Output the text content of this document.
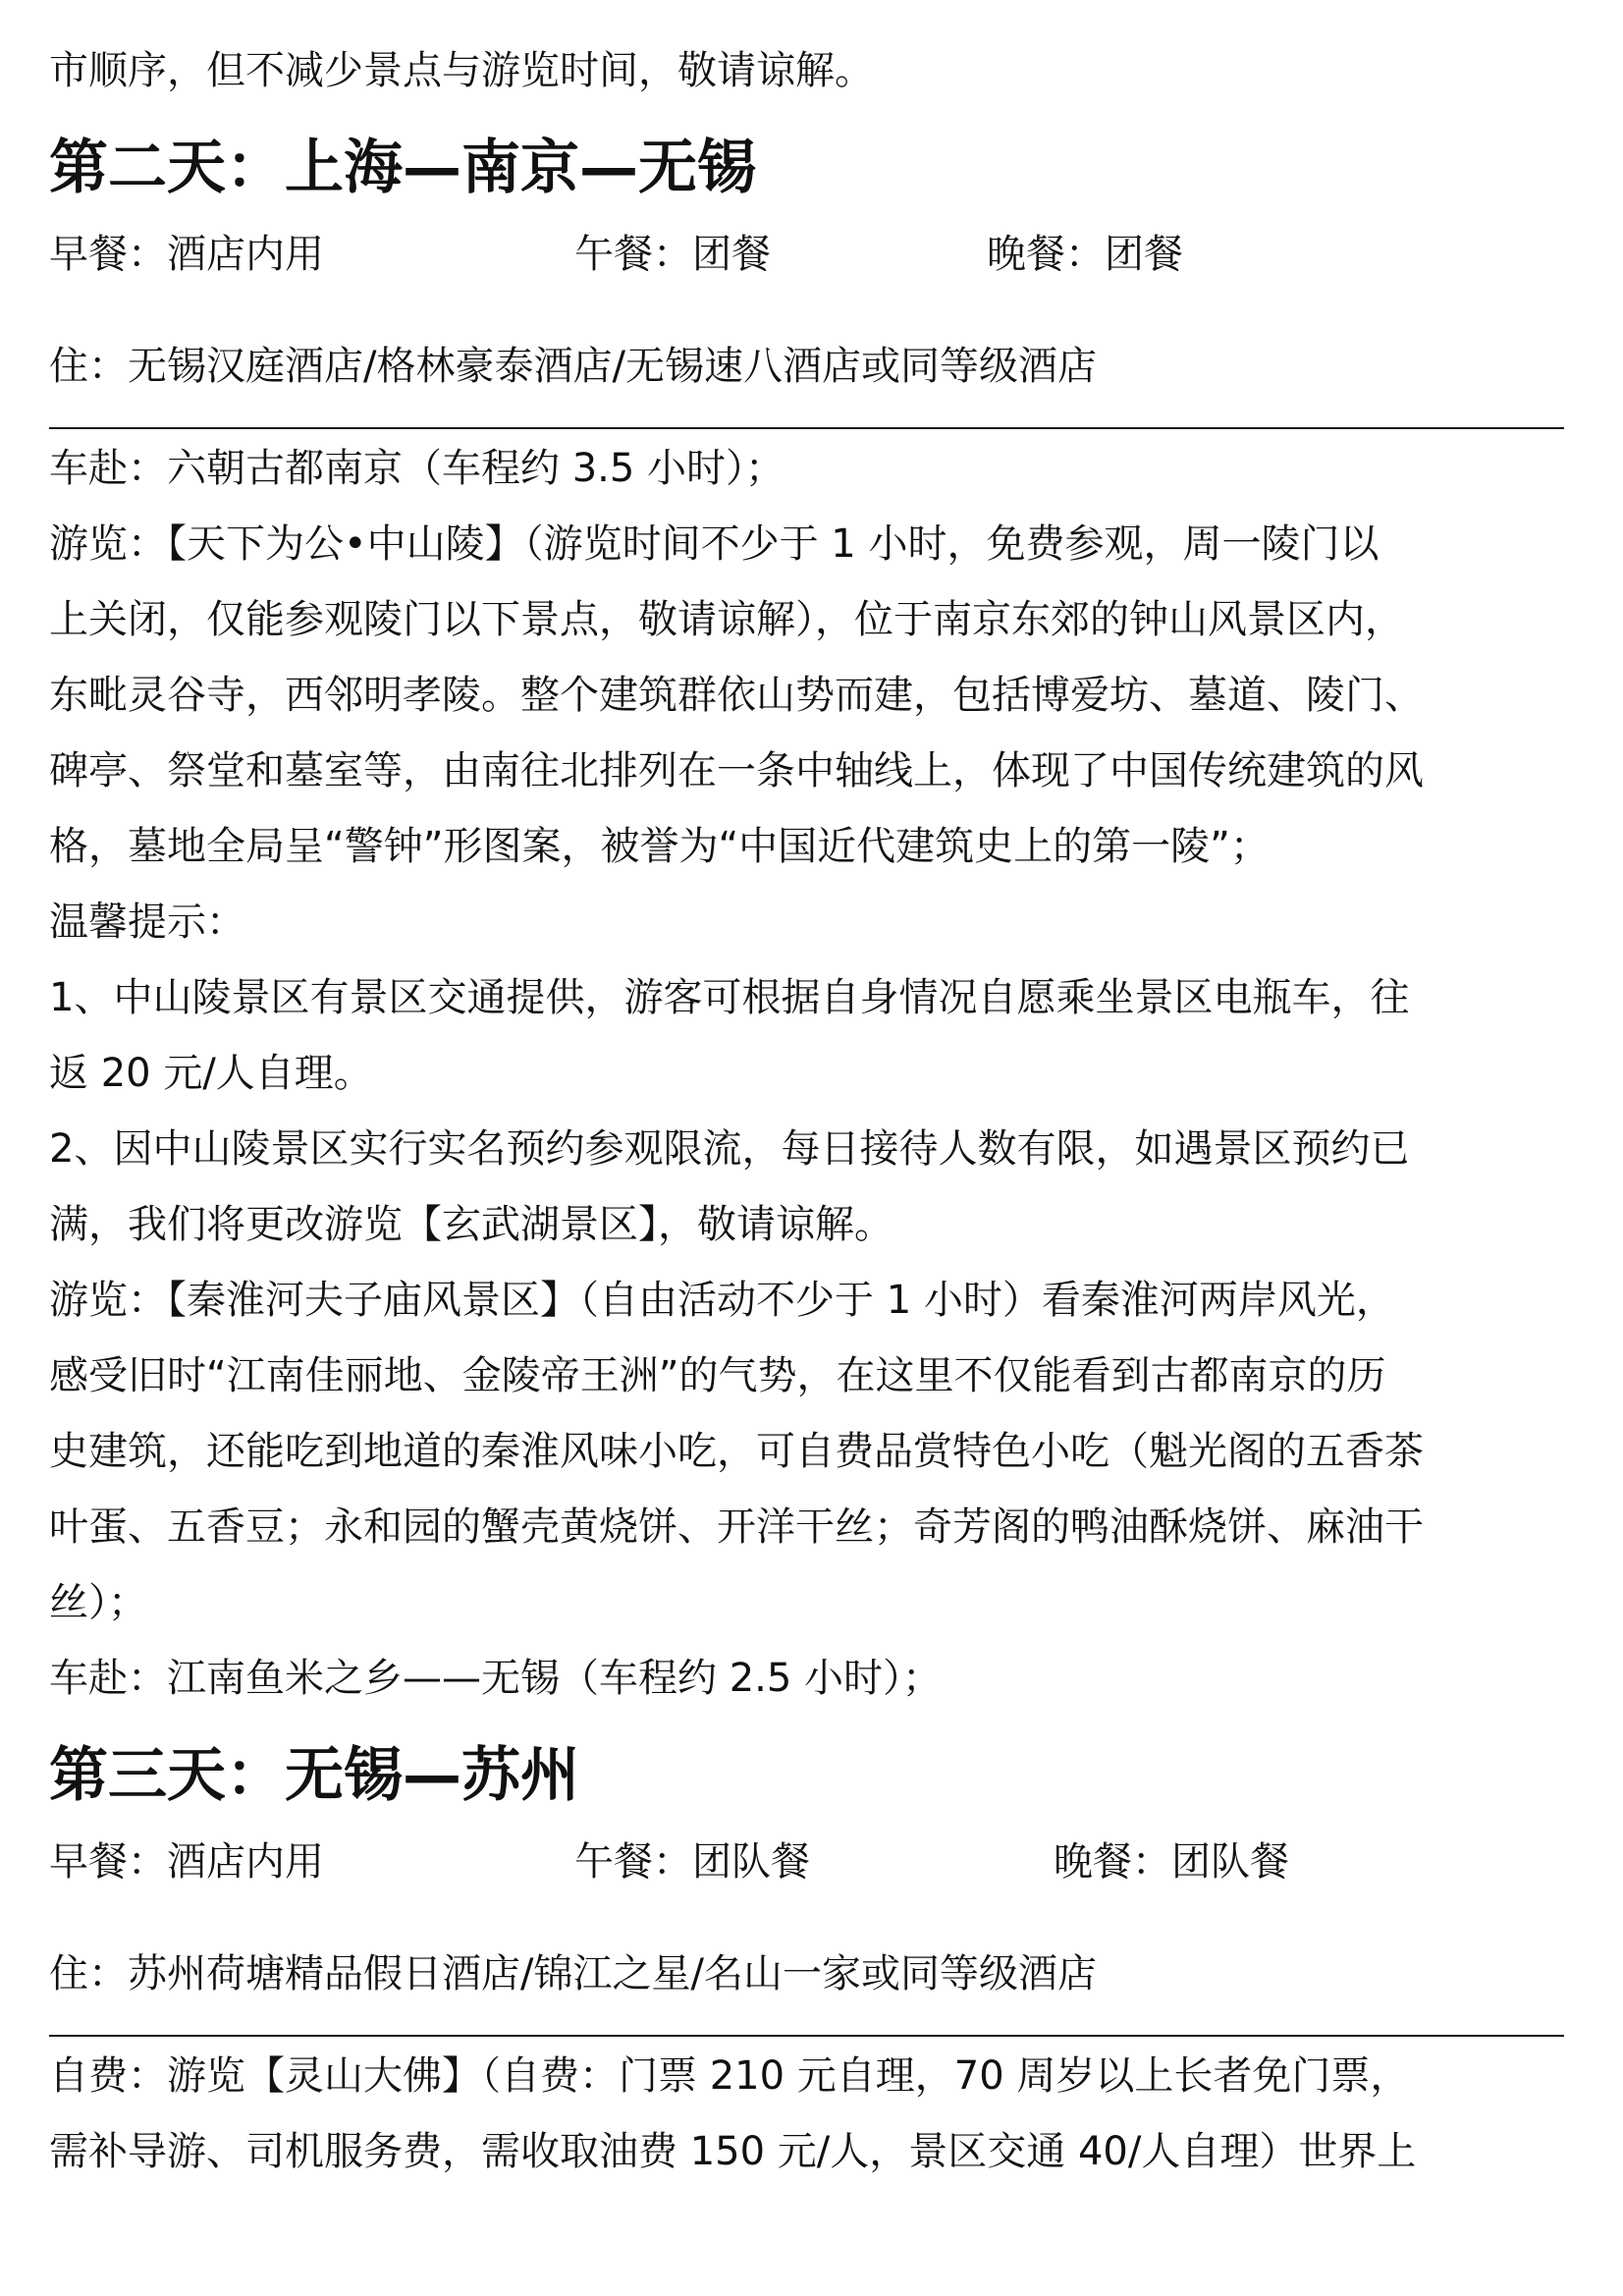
市顺序，但不减少景点与游览时间，敬请谅解。

第二天：上海—南京—无锡
早餐：酒店内用	午餐：团餐	晚餐：团餐
住：无锡汉庭酒店/格林豪泰酒店/无锡速八酒店或同等级酒店

车赴：六朝古都南京（车程约 3.5 小时）；

游览：【天下为公•中山陵】（游览时间不少于 1 小时，免费参观，周一陵门以

上关闭，仅能参观陵门以下景点，敬请谅解），位于南京东郊的钟山风景区内，

东毗灵谷寺，西邻明孝陵。整个建筑群依山势而建，包括博爱坊、墓道、陵门、

碑亭、祭堂和墓室等，由南往北排列在一条中轴线上，体现了中国传统建筑的风

格，墓地全局呈“警钟”形图案，被誉为“中国近代建筑史上的第一陵”；

温馨提示：

1、中山陵景区有景区交通提供，游客可根据自身情况自愿乘坐景区电瓶车，往

返 20 元/人自理。

2、因中山陵景区实行实名预约参观限流，每日接待人数有限，如遇景区预约已

满，我们将更改游览【玄武湖景区】，敬请谅解。

游览：【秦淮河夫子庙风景区】（自由活动不少于 1 小时）看秦淮河两岸风光，

感受旧时“江南佳丽地、金陵帝王洲”的气势，在这里不仅能看到古都南京的历

史建筑，还能吃到地道的秦淮风味小吃，可自费品赏特色小吃（魁光阁的五香茶

叶蛋、五香豆；永和园的蟹壳黄烧饼、开洋干丝；奇芳阁的鸭油酥烧饼、麻油干

丝）；

车赴：江南鱼米之乡——无锡（车程约 2.5 小时）；

第三天：无锡—苏州
早餐：酒店内用	午餐：团队餐	晚餐：团队餐
住：苏州荷塘精品假日酒店/锦江之星/名山一家或同等级酒店

自费：游览【灵山大佛】（自费：门票 210 元自理，70 周岁以上长者免门票，

需补导游、司机服务费，需收取油费 150 元/人，景区交通 40/人自理）世界上
